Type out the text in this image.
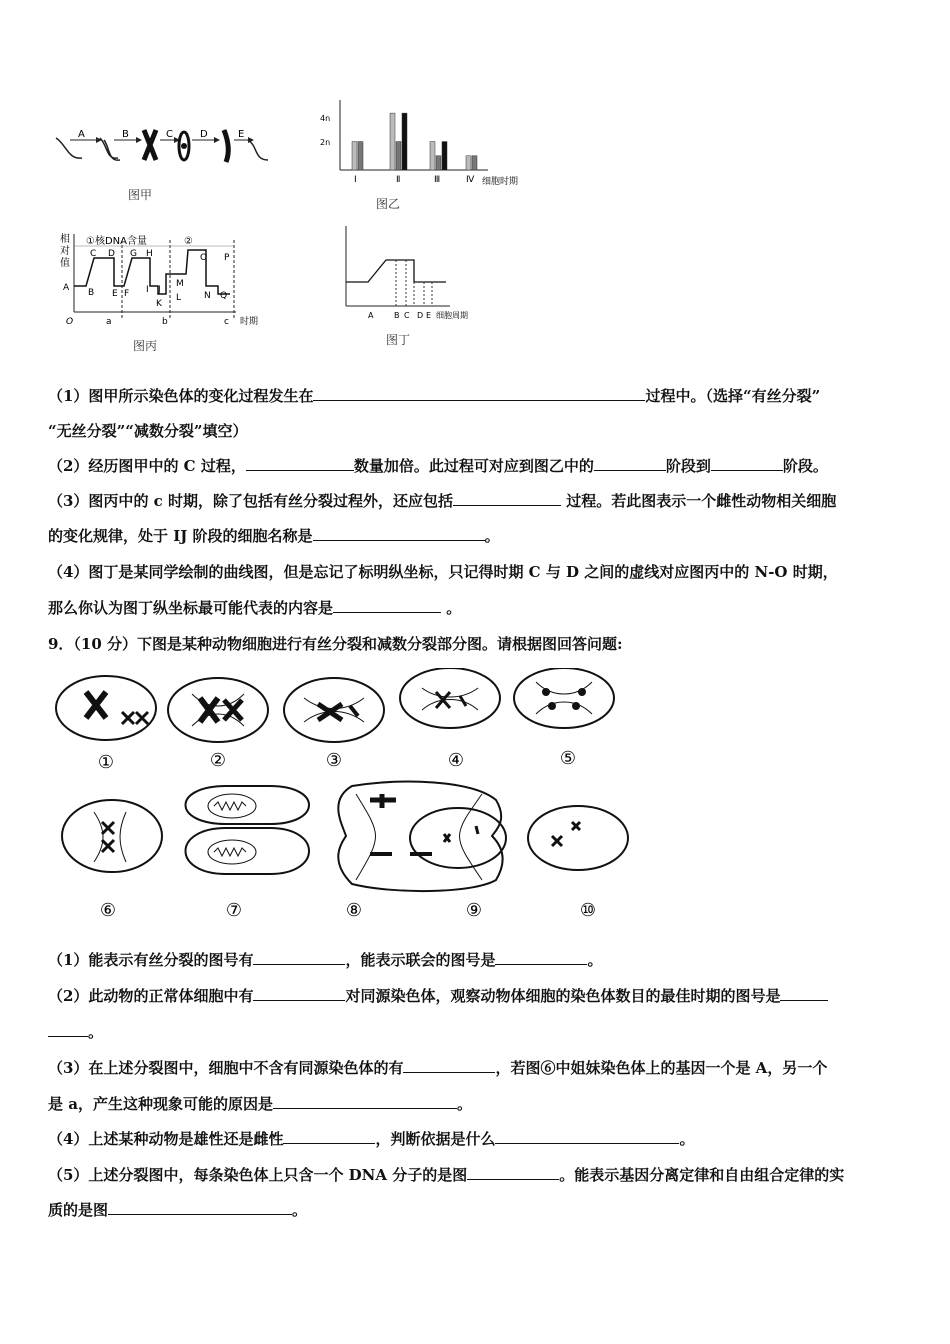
A	B	C	D	E
图甲
4n
2n
Ⅰ	Ⅱ	Ⅲ	Ⅳ 细胞时期
图乙
相
对
值
①核DNA含量	②
C D G H
A B E F I J
K
L
M
O P
N Q
O	a	b	c 时期
图丙
A	B C D E 细胞周期
图丁
（1）图甲所示染色体的变化过程发生在	过程中。（选择“有丝分裂”
“无丝分裂”“减数分裂”填空）
（2）经历图甲中的 C 过程，	数量加倍。此过程可对应到图乙中的	阶段到	阶段。
（3）图丙中的 c 时期，除了包括有丝分裂过程外，还应包括	过程。若此图表示一个雌性动物相关细胞
的变化规律，处于 IJ 阶段的细胞名称是	。
（4）图丁是某同学绘制的曲线图，但是忘记了标明纵坐标，只记得时期 C 与 D 之间的虚线对应图丙中的 N-O 时期，
那么你认为图丁纵坐标最可能代表的内容是	。
9．（10 分）下图是某种动物细胞进行有丝分裂和减数分裂部分图。请根据图回答问题:
①	②	③	④	⑤
⑥	⑦	⑧	⑨	⑩
（1）能表示有丝分裂的图号有	，能表示联会的图号是	。
（2）此动物的正常体细胞中有	对同源染色体，观察动物体细胞的染色体数目的最佳时期的图号是
。
（3）在上述分裂图中，细胞中不含有同源染色体的有	，若图⑥中姐妹染色体上的基因一个是 A，另一个
是 a，产生这种现象可能的原因是	。
（4）上述某种动物是雄性还是雌性	，判断依据是什么	。
（5）上述分裂图中，每条染色体上只含一个 DNA 分子的是图	。能表示基因分离定律和自由组合定律的实
质的是图	。
